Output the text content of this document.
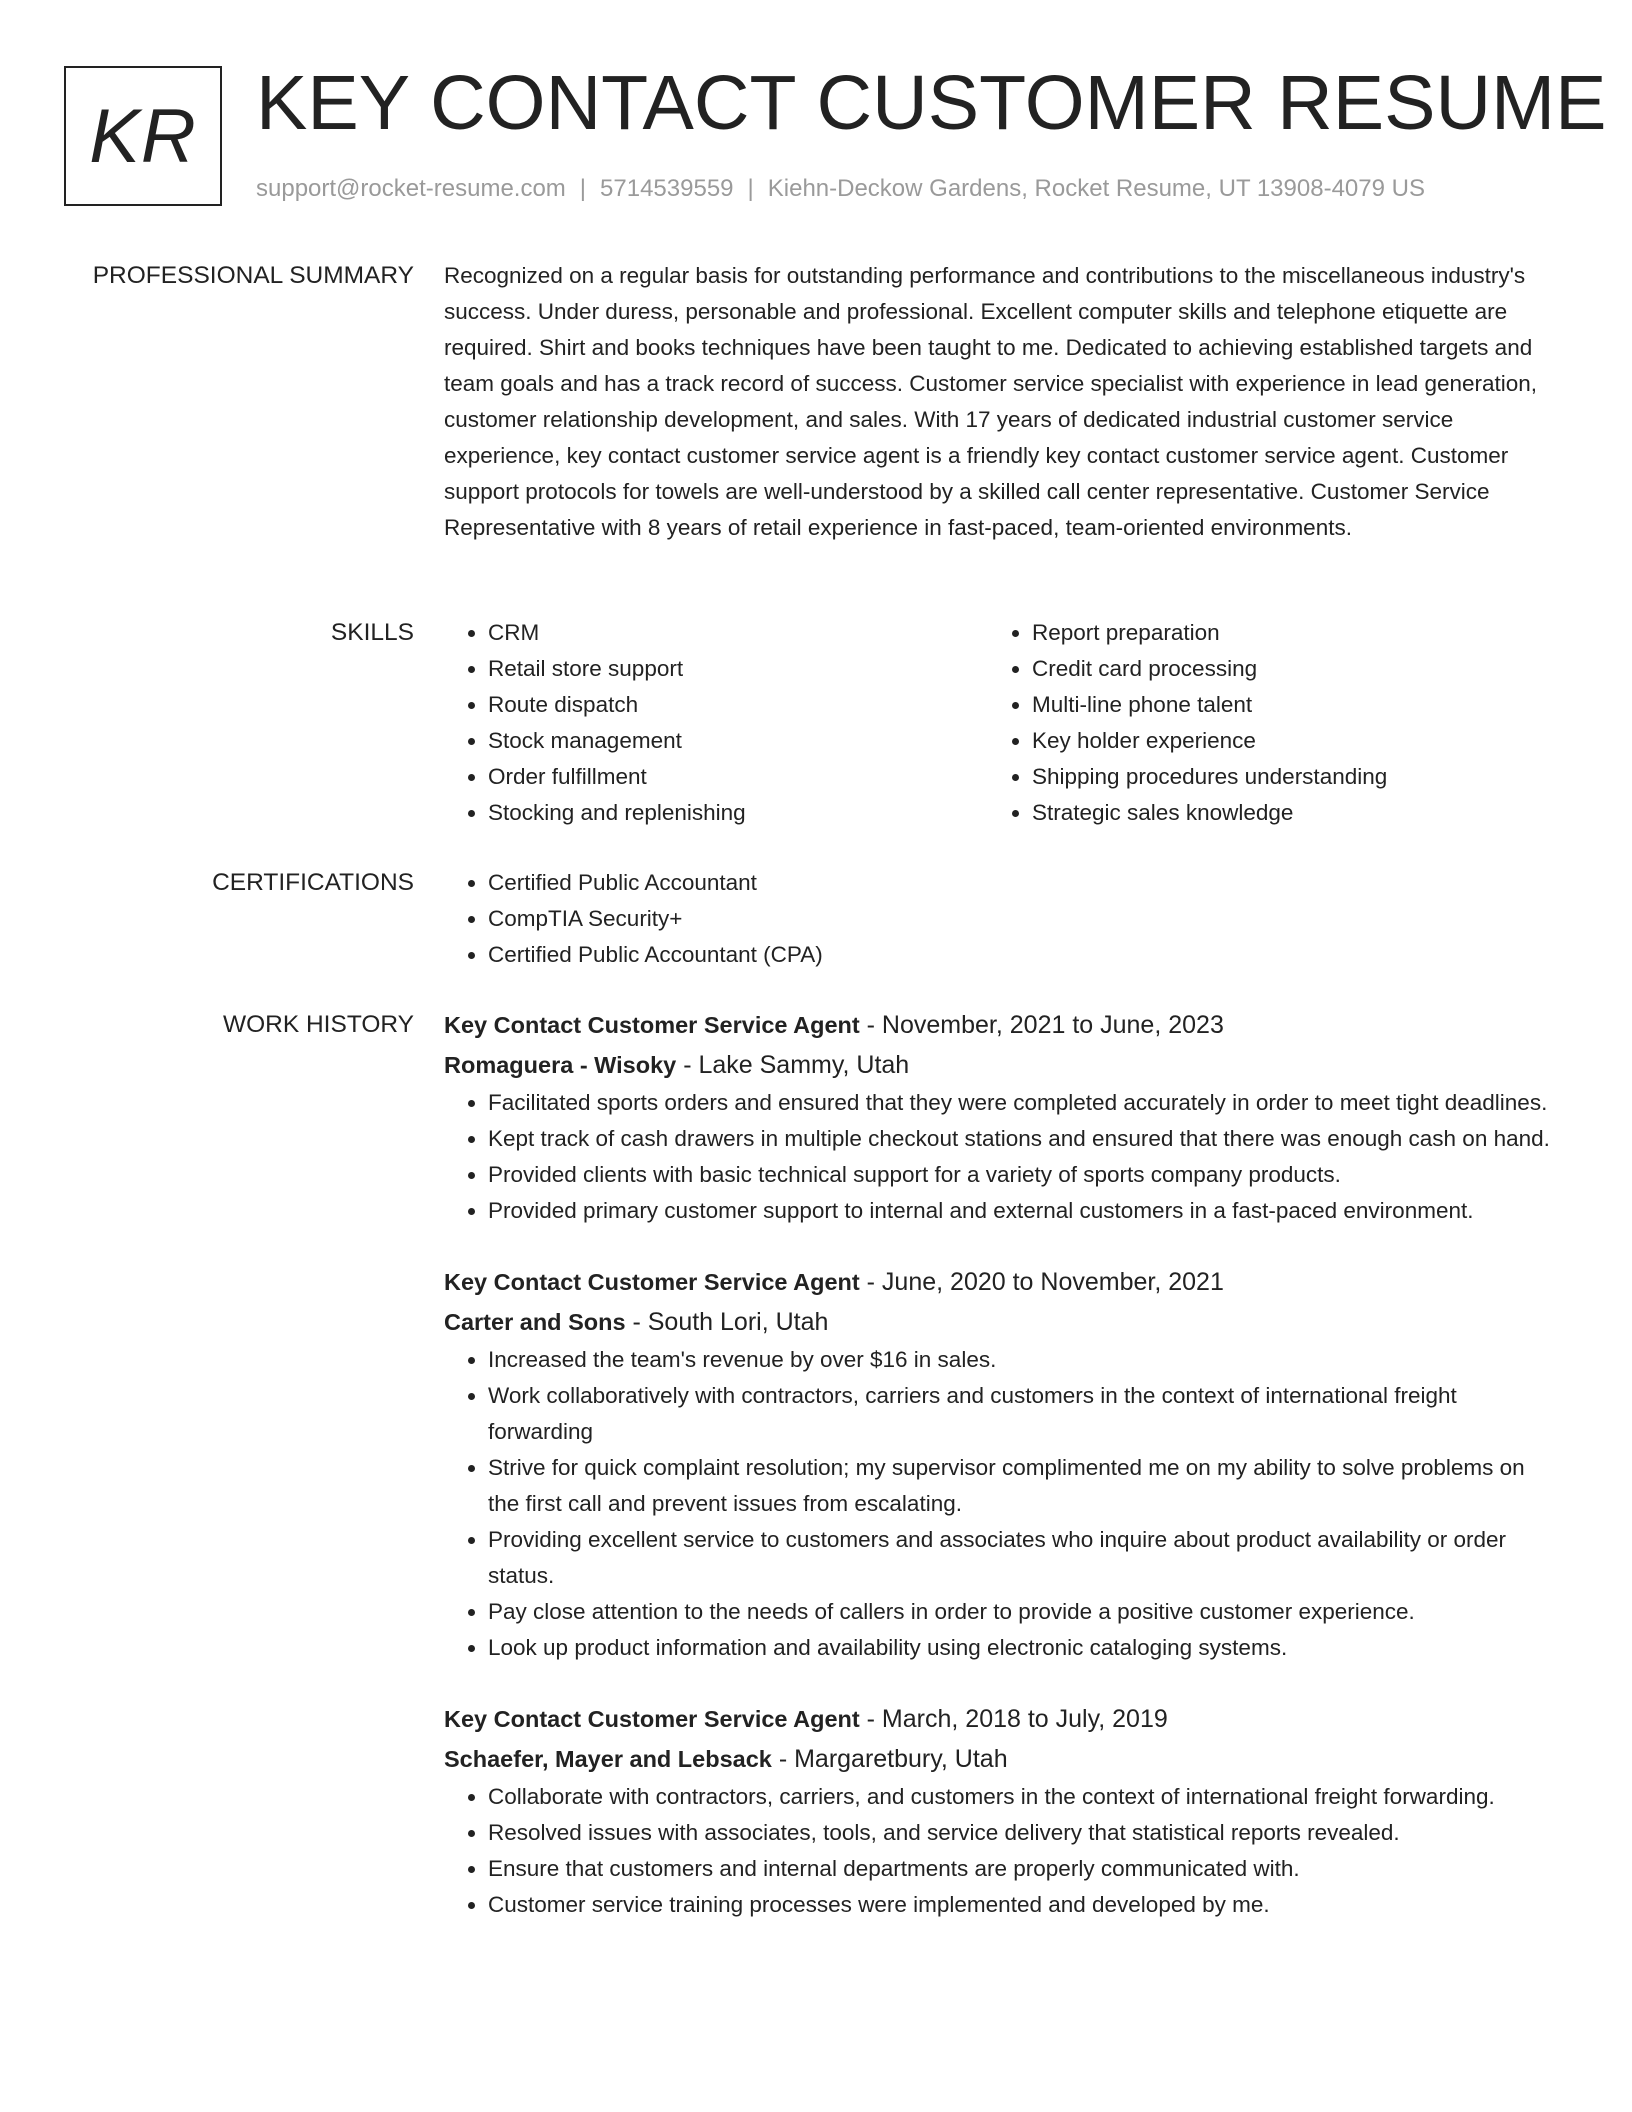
KR KEY CONTACT CUSTOMER RESUME
support@rocket-resume.com | 5714539559 | Kiehn-Deckow Gardens, Rocket Resume, UT 13908-4079 US
PROFESSIONAL SUMMARY Recognized on a regular basis for outstanding performance and contributions to the miscellaneous industry's success. Under duress, personable and professional. Excellent computer skills and telephone etiquette are required. Shirt and books techniques have been taught to me. Dedicated to achieving established targets and team goals and has a track record of success. Customer service specialist with experience in lead generation, customer relationship development, and sales. With 17 years of dedicated industrial customer service experience, key contact customer service agent is a friendly key contact customer service agent. Customer support protocols for towels are well-understood by a skilled call center representative. Customer Service Representative with 8 years of retail experience in fast-paced, team-oriented environments.

SKILLS	• CRM
• Retail store support
• Route dispatch
• Stock management
• Order fulfillment
• Stocking and replenishing
• Report preparation
• Credit card processing
• Multi-line phone talent
• Key holder experience
• Shipping procedures understanding
• Strategic sales knowledge
CERTIFICATIONS	• Certified Public Accountant
• CompTIA Security+
• Certified Public Accountant (CPA)
WORK HISTORY Key Contact Customer Service Agent - November, 2021 to June, 2023
Romaguera - Wisoky - Lake Sammy, Utah
• Facilitated sports orders and ensured that they were completed accurately in order to meet tight deadlines.
• Kept track of cash drawers in multiple checkout stations and ensured that there was enough cash on hand.
• Provided clients with basic technical support for a variety of sports company products.
• Provided primary customer support to internal and external customers in a fast-paced environment.
Key Contact Customer Service Agent - June, 2020 to November, 2021
Carter and Sons - South Lori, Utah
• Increased the team's revenue by over $16 in sales.
• Work collaboratively with contractors, carriers and customers in the context of international freight forwarding
• Strive for quick complaint resolution; my supervisor complimented me on my ability to solve problems on the first call and prevent issues from escalating.
• Providing excellent service to customers and associates who inquire about product availability or order status.
• Pay close attention to the needs of callers in order to provide a positive customer experience.
• Look up product information and availability using electronic cataloging systems.
Key Contact Customer Service Agent - March, 2018 to July, 2019
Schaefer, Mayer and Lebsack - Margaretbury, Utah
• Collaborate with contractors, carriers, and customers in the context of international freight forwarding.
• Resolved issues with associates, tools, and service delivery that statistical reports revealed.
• Ensure that customers and internal departments are properly communicated with.
• Customer service training processes were implemented and developed by me.
